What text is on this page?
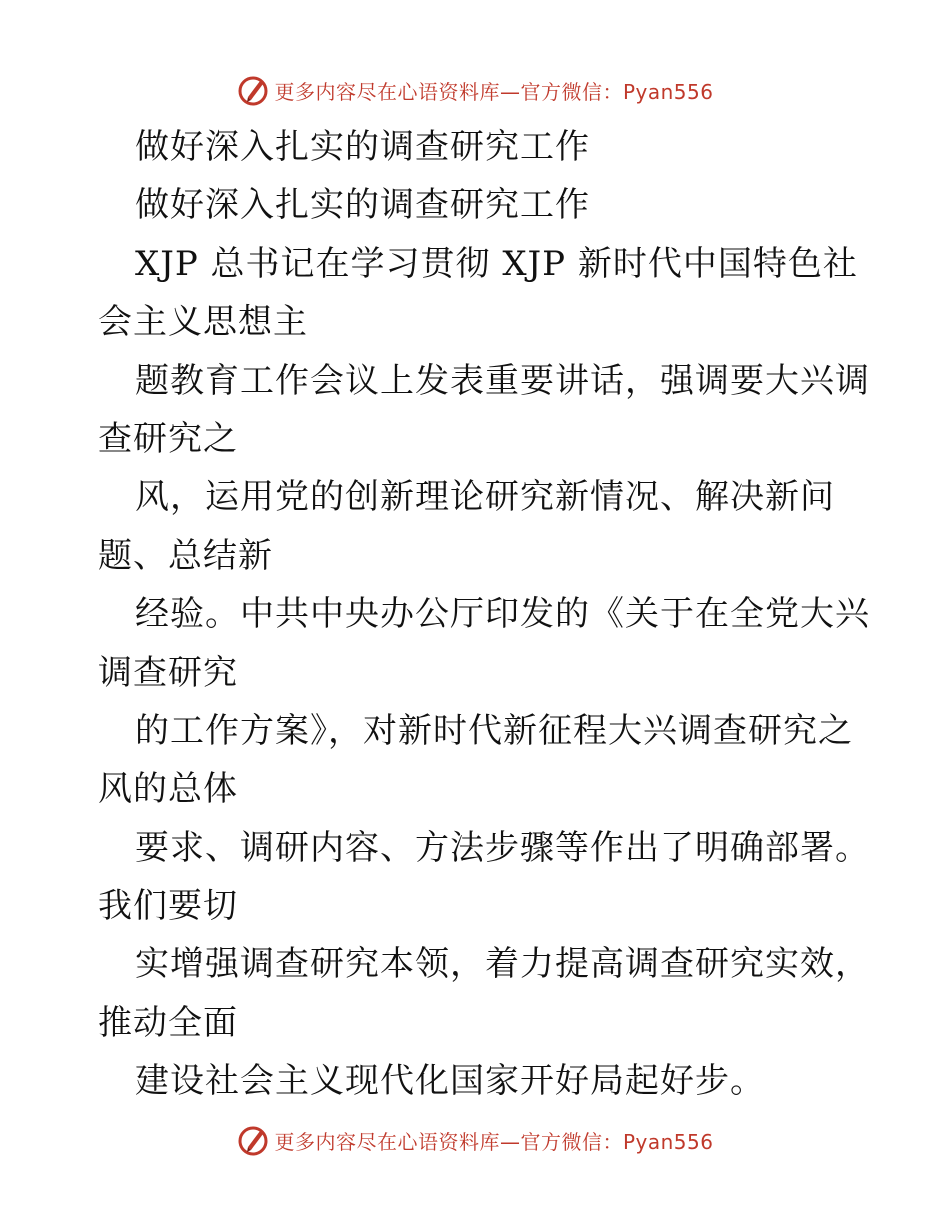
更多内容尽在心语资料库—官方微信：Pyan556
做好深入扎实的调查研究工作
做好深入扎实的调查研究工作
XJP 总书记在学习贯彻 XJP 新时代中国特色社
会主义思想主
题教育工作会议上发表重要讲话，强调要大兴调
查研究之
风，运用党的创新理论研究新情况、解决新问
题、总结新
经验。中共中央办公厅印发的《关于在全党大兴
调查研究
的工作方案》，对新时代新征程大兴调查研究之
风的总体
要求、调研内容、方法步骤等作出了明确部署。
我们要切
实增强调查研究本领，着力提高调查研究实效，
推动全面
建设社会主义现代化国家开好局起好步。
更多内容尽在心语资料库—官方微信：Pyan556
